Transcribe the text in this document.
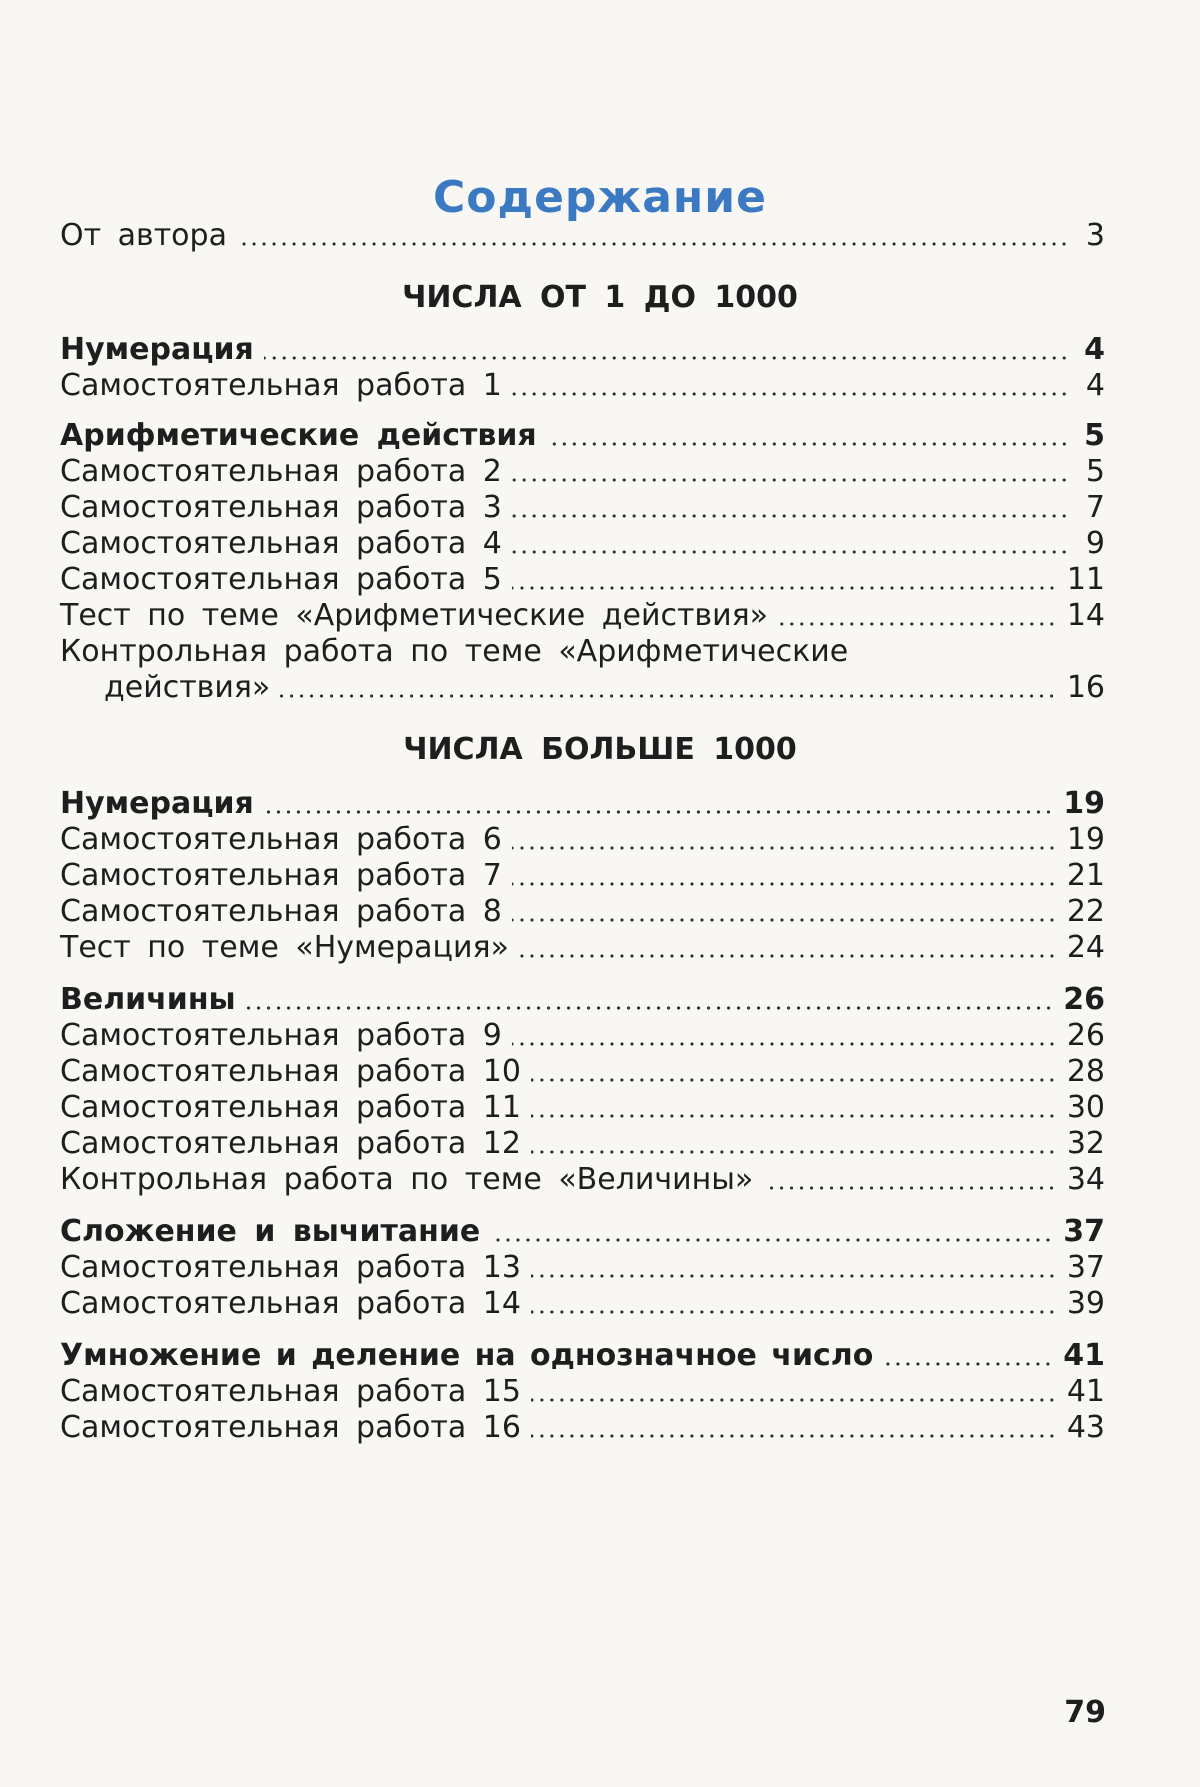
Содержание
От автора	3
ЧИСЛА ОТ 1 ДО 1000
Нумерация	4
Самостоятельная работа 1	4
Арифметические действия	5
Самостоятельная работа 2	5
Самостоятельная работа 3	7
Самостоятельная работа 4	9
Самостоятельная работа 5	11
Тест по теме «Арифметические действия»	14
Контрольная работа по теме «Арифметические
действия»	16
ЧИСЛА БОЛЬШЕ 1000
Нумерация	19
Самостоятельная работа 6	19
Самостоятельная работа 7	21
Самостоятельная работа 8	22
Тест по теме «Нумерация»	24
Величины	26
Самостоятельная работа 9	26
Самостоятельная работа 10	28
Самостоятельная работа 11	30
Самостоятельная работа 12	32
Контрольная работа по теме «Величины»	34
Сложение и вычитание	37
Самостоятельная работа 13	37
Самостоятельная работа 14	39
Умножение и деление на однозначное число	41
Самостоятельная работа 15	41
Самостоятельная работа 16	43
79
